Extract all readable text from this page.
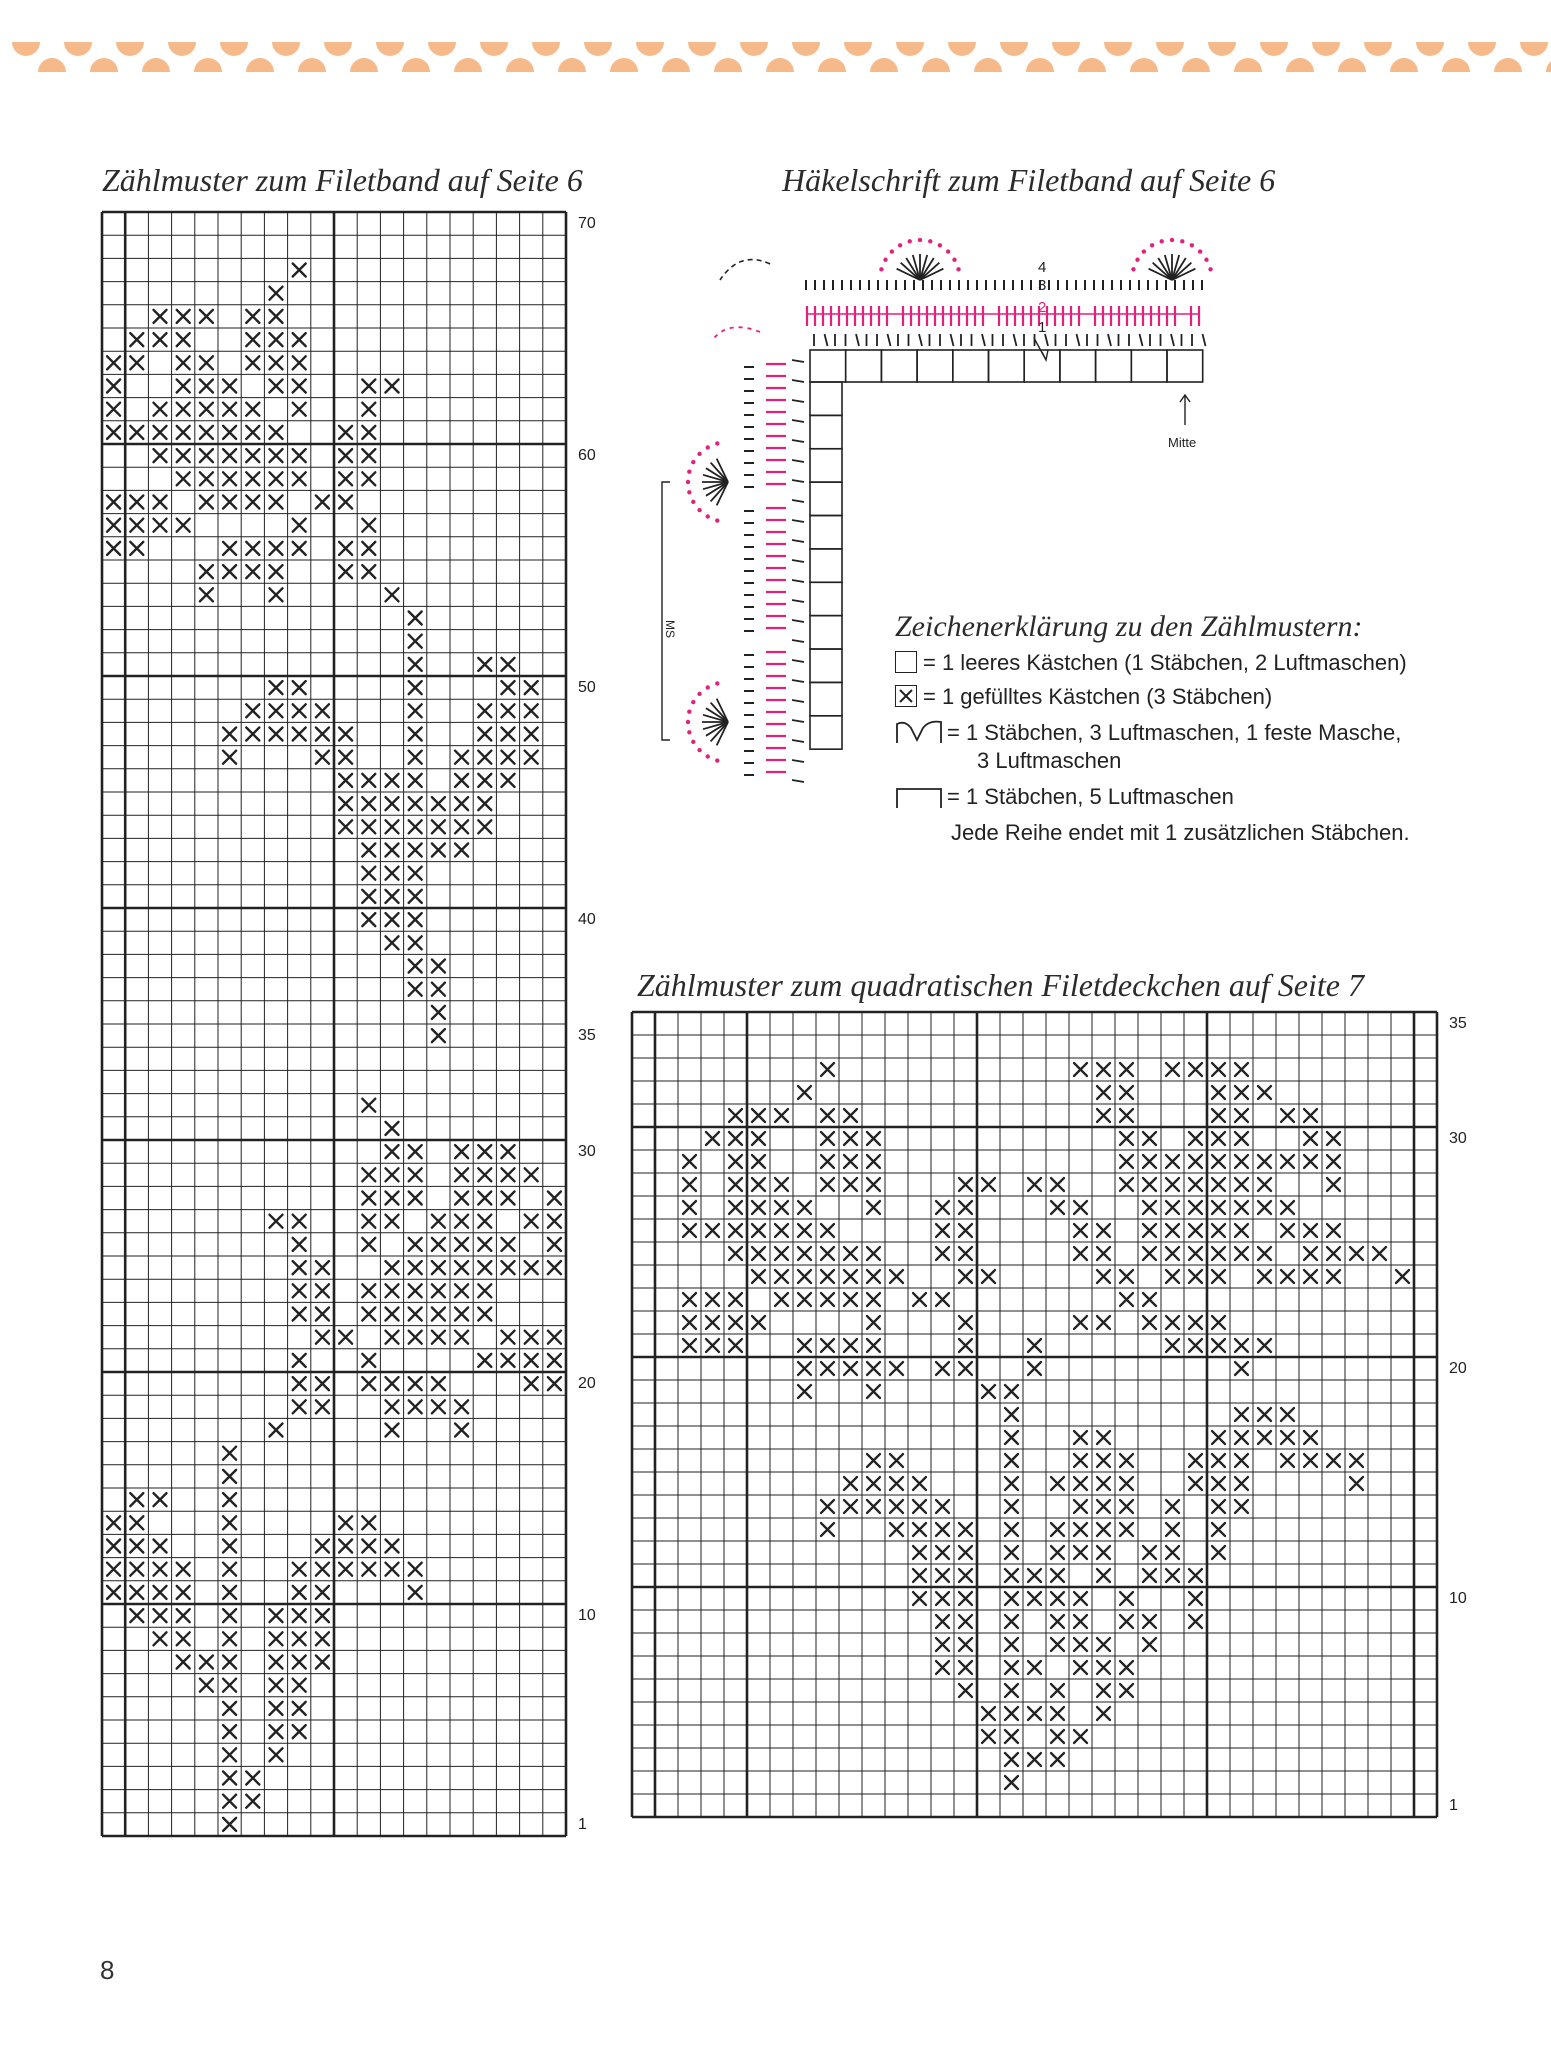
Zählmuster zum Filetband auf Seite 6
70
60
50
40
35
30
20
10
1
Häkelschrift zum Filetband auf Seite 6
4
3
2
1
Mitte
MS	Zeichenerklärung zu den Zählmustern:
= 1 leeres Kästchen (1 Stäbchen, 2 Luftmaschen)
= 1 gefülltes Kästchen (3 Stäbchen)
= 1 Stäbchen, 3 Luftmaschen, 1 feste Masche,
3 Luftmaschen
= 1 Stäbchen, 5 Luftmaschen
Jede Reihe endet mit 1 zusätzlichen Stäbchen.
Zählmuster zum quadratischen Filetdeckchen auf Seite 7
35
30
20
10
1
8
